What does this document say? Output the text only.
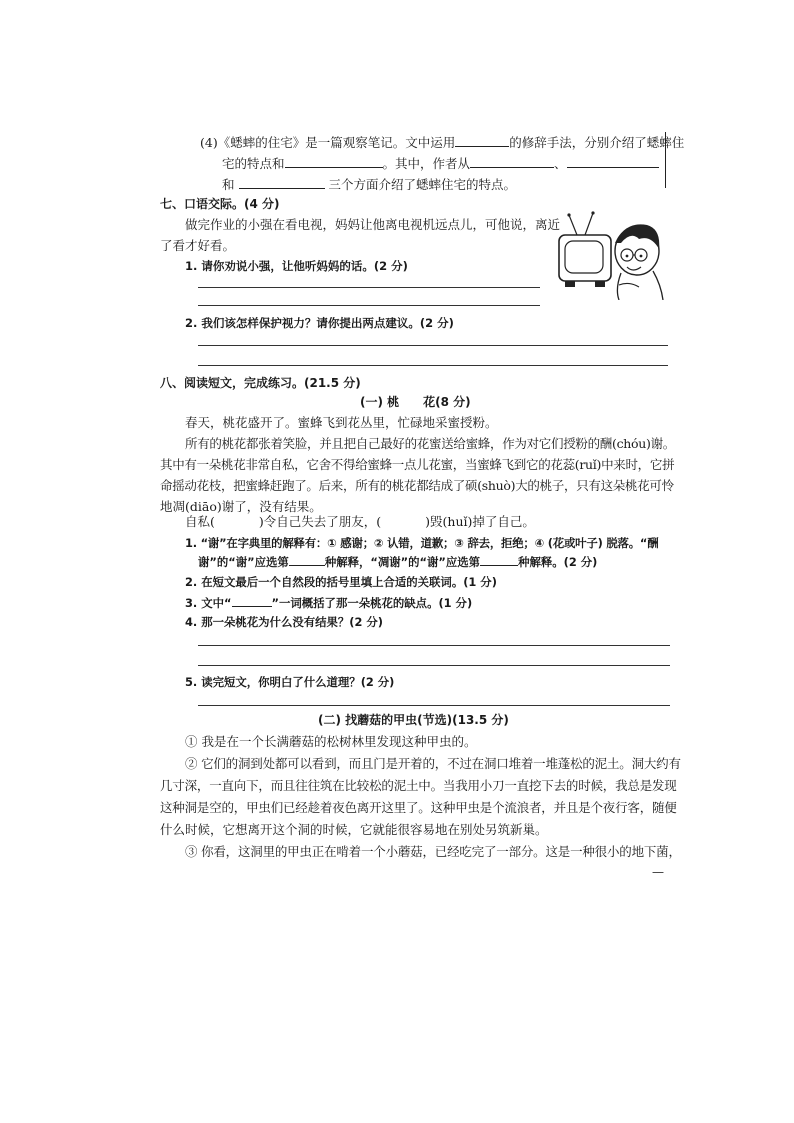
(4)《蟋蟀的住宅》是一篇观察笔记。文中运用	的修辞手法，分别介绍了蟋蟀住
宅的特点和	。其中，作者从	、
和	三个方面介绍了蟋蟀住宅的特点。
七、口语交际。(4 分)
做完作业的小强在看电视，妈妈让他离电视机远点儿，可他说，离近
了看才好看。
1. 请你劝说小强，让他听妈妈的话。(2 分)
2. 我们该怎样保护视力？请你提出两点建议。(2 分)
八、阅读短文，完成练习。(21.5 分)
(一) 桃　　花(8 分)
春天，桃花盛开了。蜜蜂飞到花丛里，忙碌地采蜜授粉。
所有的桃花都张着笑脸，并且把自己最好的花蜜送给蜜蜂，作为对它们授粉的酬(chóu)谢。
其中有一朵桃花非常自私，它舍不得给蜜蜂一点儿花蜜，当蜜蜂飞到它的花蕊(ruǐ)中来时，它拼
命摇动花枝，把蜜蜂赶跑了。后来，所有的桃花都结成了硕(shuò)大的桃子，只有这朵桃花可怜
地凋(diāo)谢了，没有结果。
自私(	)令自己失去了朋友，(	)毁(huǐ)掉了自己。
1. “谢”在字典里的解释有：① 感谢；② 认错，道歉；③ 辞去，拒绝；④ (花或叶子) 脱落。“酬
谢”的“谢”应选第	种解释，“凋谢”的“谢”应选第	种解释。(2 分)
2. 在短文最后一个自然段的括号里填上合适的关联词。(1 分)
3. 文中“	”一词概括了那一朵桃花的缺点。(1 分)
4. 那一朵桃花为什么没有结果？(2 分)
5. 读完短文，你明白了什么道理？(2 分)
(二) 找蘑菇的甲虫(节选)(13.5 分)
① 我是在一个长满蘑菇的松树林里发现这种甲虫的。
② 它们的洞到处都可以看到，而且门是开着的，不过在洞口堆着一堆蓬松的泥土。洞大约有
几寸深，一直向下，而且往往筑在比较松的泥土中。当我用小刀一直挖下去的时候，我总是发现
这种洞是空的，甲虫们已经趁着夜色离开这里了。这种甲虫是个流浪者，并且是个夜行客，随便
什么时候，它想离开这个洞的时候，它就能很容易地在别处另筑新巢。
③ 你看，这洞里的甲虫正在啃着一个小蘑菇，已经吃完了一部分。这是一种很小的地下菌，
—
